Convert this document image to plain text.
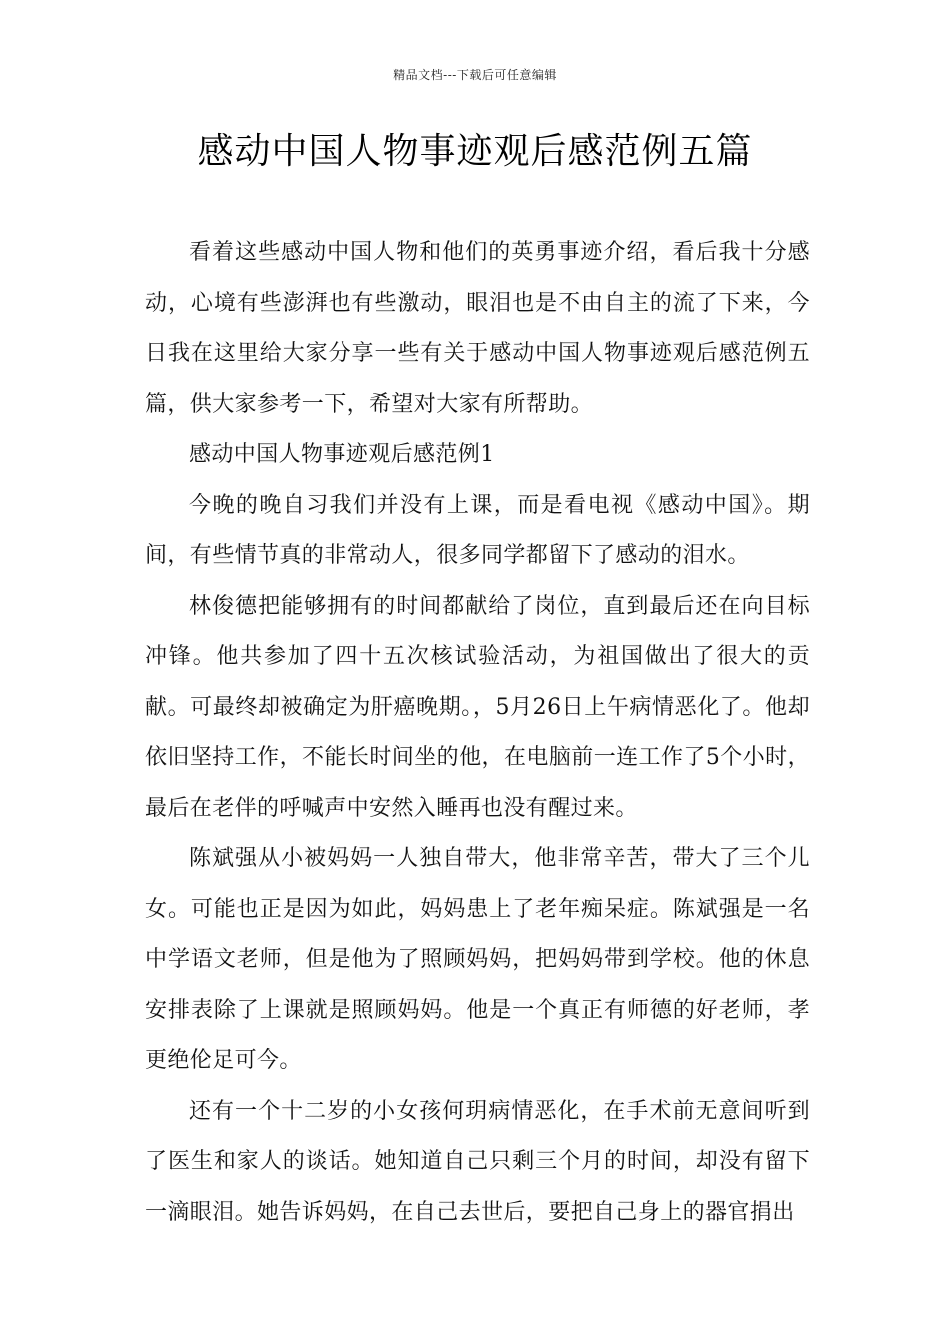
精品文档---下载后可任意编辑
感动中国人物事迹观后感范例五篇

看着这些感动中国人物和他们的英勇事迹介绍，看后我十分感动，心境有些澎湃也有些激动，眼泪也是不由自主的流了下来，今日我在这里给大家分享一些有关于感动中国人物事迹观后感范例五篇，供大家参考一下，希望对大家有所帮助。

感动中国人物事迹观后感范例1

今晚的晚自习我们并没有上课，而是看电视《感动中国》。期间，有些情节真的非常动人，很多同学都留下了感动的泪水。

林俊德把能够拥有的时间都献给了岗位，直到最后还在向目标冲锋。他共参加了四十五次核试验活动，为祖国做出了很大的贡献。可最终却被确定为肝癌晚期。，5月26日上午病情恶化了。他却依旧坚持工作，不能长时间坐的他，在电脑前一连工作了5个小时，最后在老伴的呼喊声中安然入睡再也没有醒过来。

陈斌强从小被妈妈一人独自带大，他非常辛苦，带大了三个儿女。可能也正是因为如此，妈妈患上了老年痴呆症。陈斌强是一名中学语文老师，但是他为了照顾妈妈，把妈妈带到学校。他的休息安排表除了上课就是照顾妈妈。他是一个真正有师德的好老师，孝更绝伦足可今。

还有一个十二岁的小女孩何玥病情恶化，在手术前无意间听到了医生和家人的谈话。她知道自己只剩三个月的时间，却没有留下一滴眼泪。她告诉妈妈，在自己去世后，要把自己身上的器官捐出
